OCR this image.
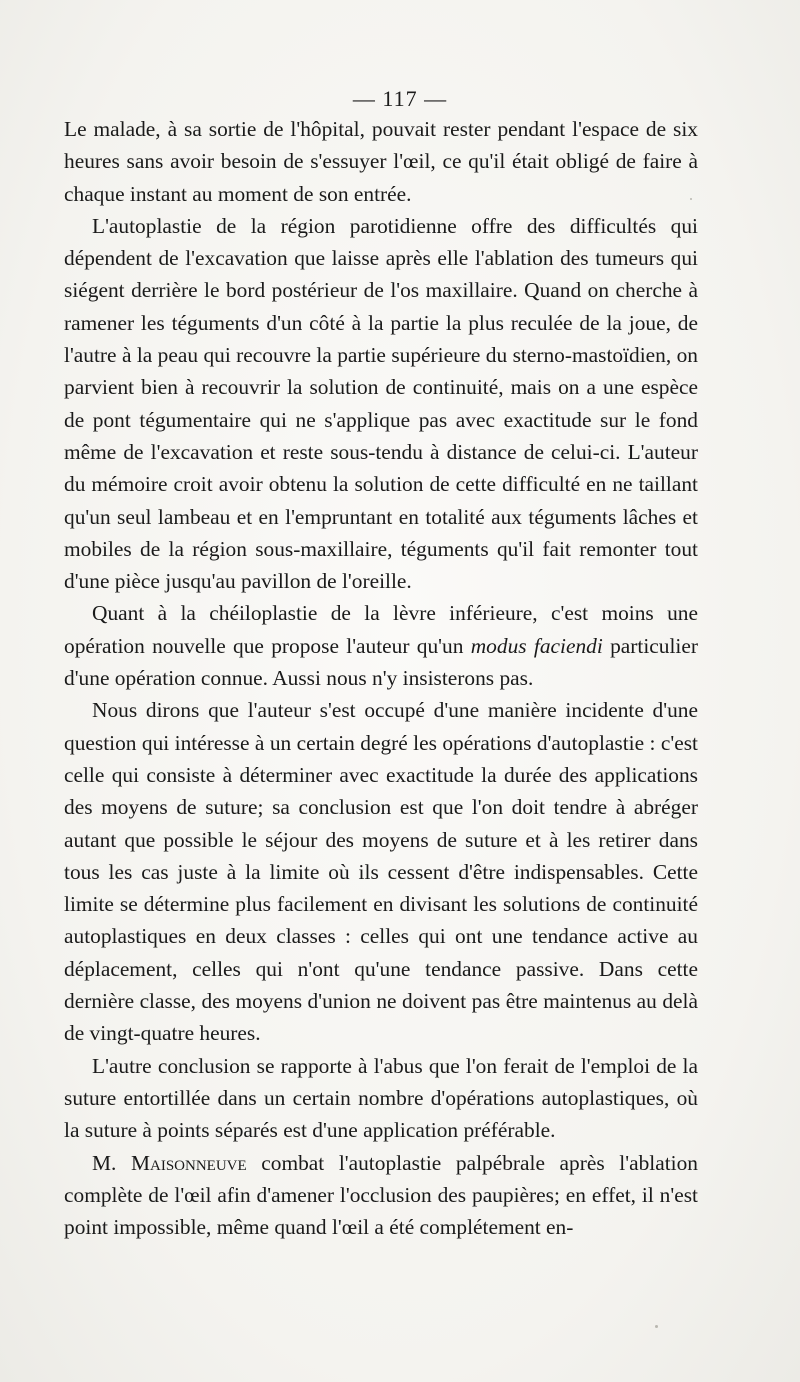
— 117 —

Le malade, à sa sortie de l'hôpital, pouvait rester pendant l'espace de six heures sans avoir besoin de s'essuyer l'œil, ce qu'il était obligé de faire à chaque instant au moment de son entrée.

L'autoplastie de la région parotidienne offre des difficultés qui dépendent de l'excavation que laisse après elle l'ablation des tumeurs qui siégent derrière le bord postérieur de l'os maxillaire. Quand on cherche à ramener les téguments d'un côté à la partie la plus reculée de la joue, de l'autre à la peau qui recouvre la partie supérieure du sterno-mastoïdien, on parvient bien à recouvrir la solution de continuité, mais on a une espèce de pont tégumentaire qui ne s'applique pas avec exactitude sur le fond même de l'excavation et reste sous-tendu à distance de celui-ci. L'auteur du mémoire croit avoir obtenu la solution de cette difficulté en ne taillant qu'un seul lambeau et en l'empruntant en totalité aux téguments lâches et mobiles de la région sous-maxillaire, téguments qu'il fait remonter tout d'une pièce jusqu'au pavillon de l'oreille.

Quant à la chéiloplastie de la lèvre inférieure, c'est moins une opération nouvelle que propose l'auteur qu'un modus faciendi particulier d'une opération connue. Aussi nous n'y insisterons pas.

Nous dirons que l'auteur s'est occupé d'une manière incidente d'une question qui intéresse à un certain degré les opérations d'autoplastie : c'est celle qui consiste à déterminer avec exactitude la durée des applications des moyens de suture; sa conclusion est que l'on doit tendre à abréger autant que possible le séjour des moyens de suture et à les retirer dans tous les cas juste à la limite où ils cessent d'être indispensables. Cette limite se détermine plus facilement en divisant les solutions de continuité autoplastiques en deux classes : celles qui ont une tendance active au déplacement, celles qui n'ont qu'une tendance passive. Dans cette dernière classe, des moyens d'union ne doivent pas être maintenus au delà de vingt-quatre heures.

L'autre conclusion se rapporte à l'abus que l'on ferait de l'emploi de la suture entortillée dans un certain nombre d'opérations autoplastiques, où la suture à points séparés est d'une application préférable.

M. Maisonneuve combat l'autoplastie palpébrale après l'ablation complète de l'œil afin d'amener l'occlusion des paupières; en effet, il n'est point impossible, même quand l'œil a été complétement en-
